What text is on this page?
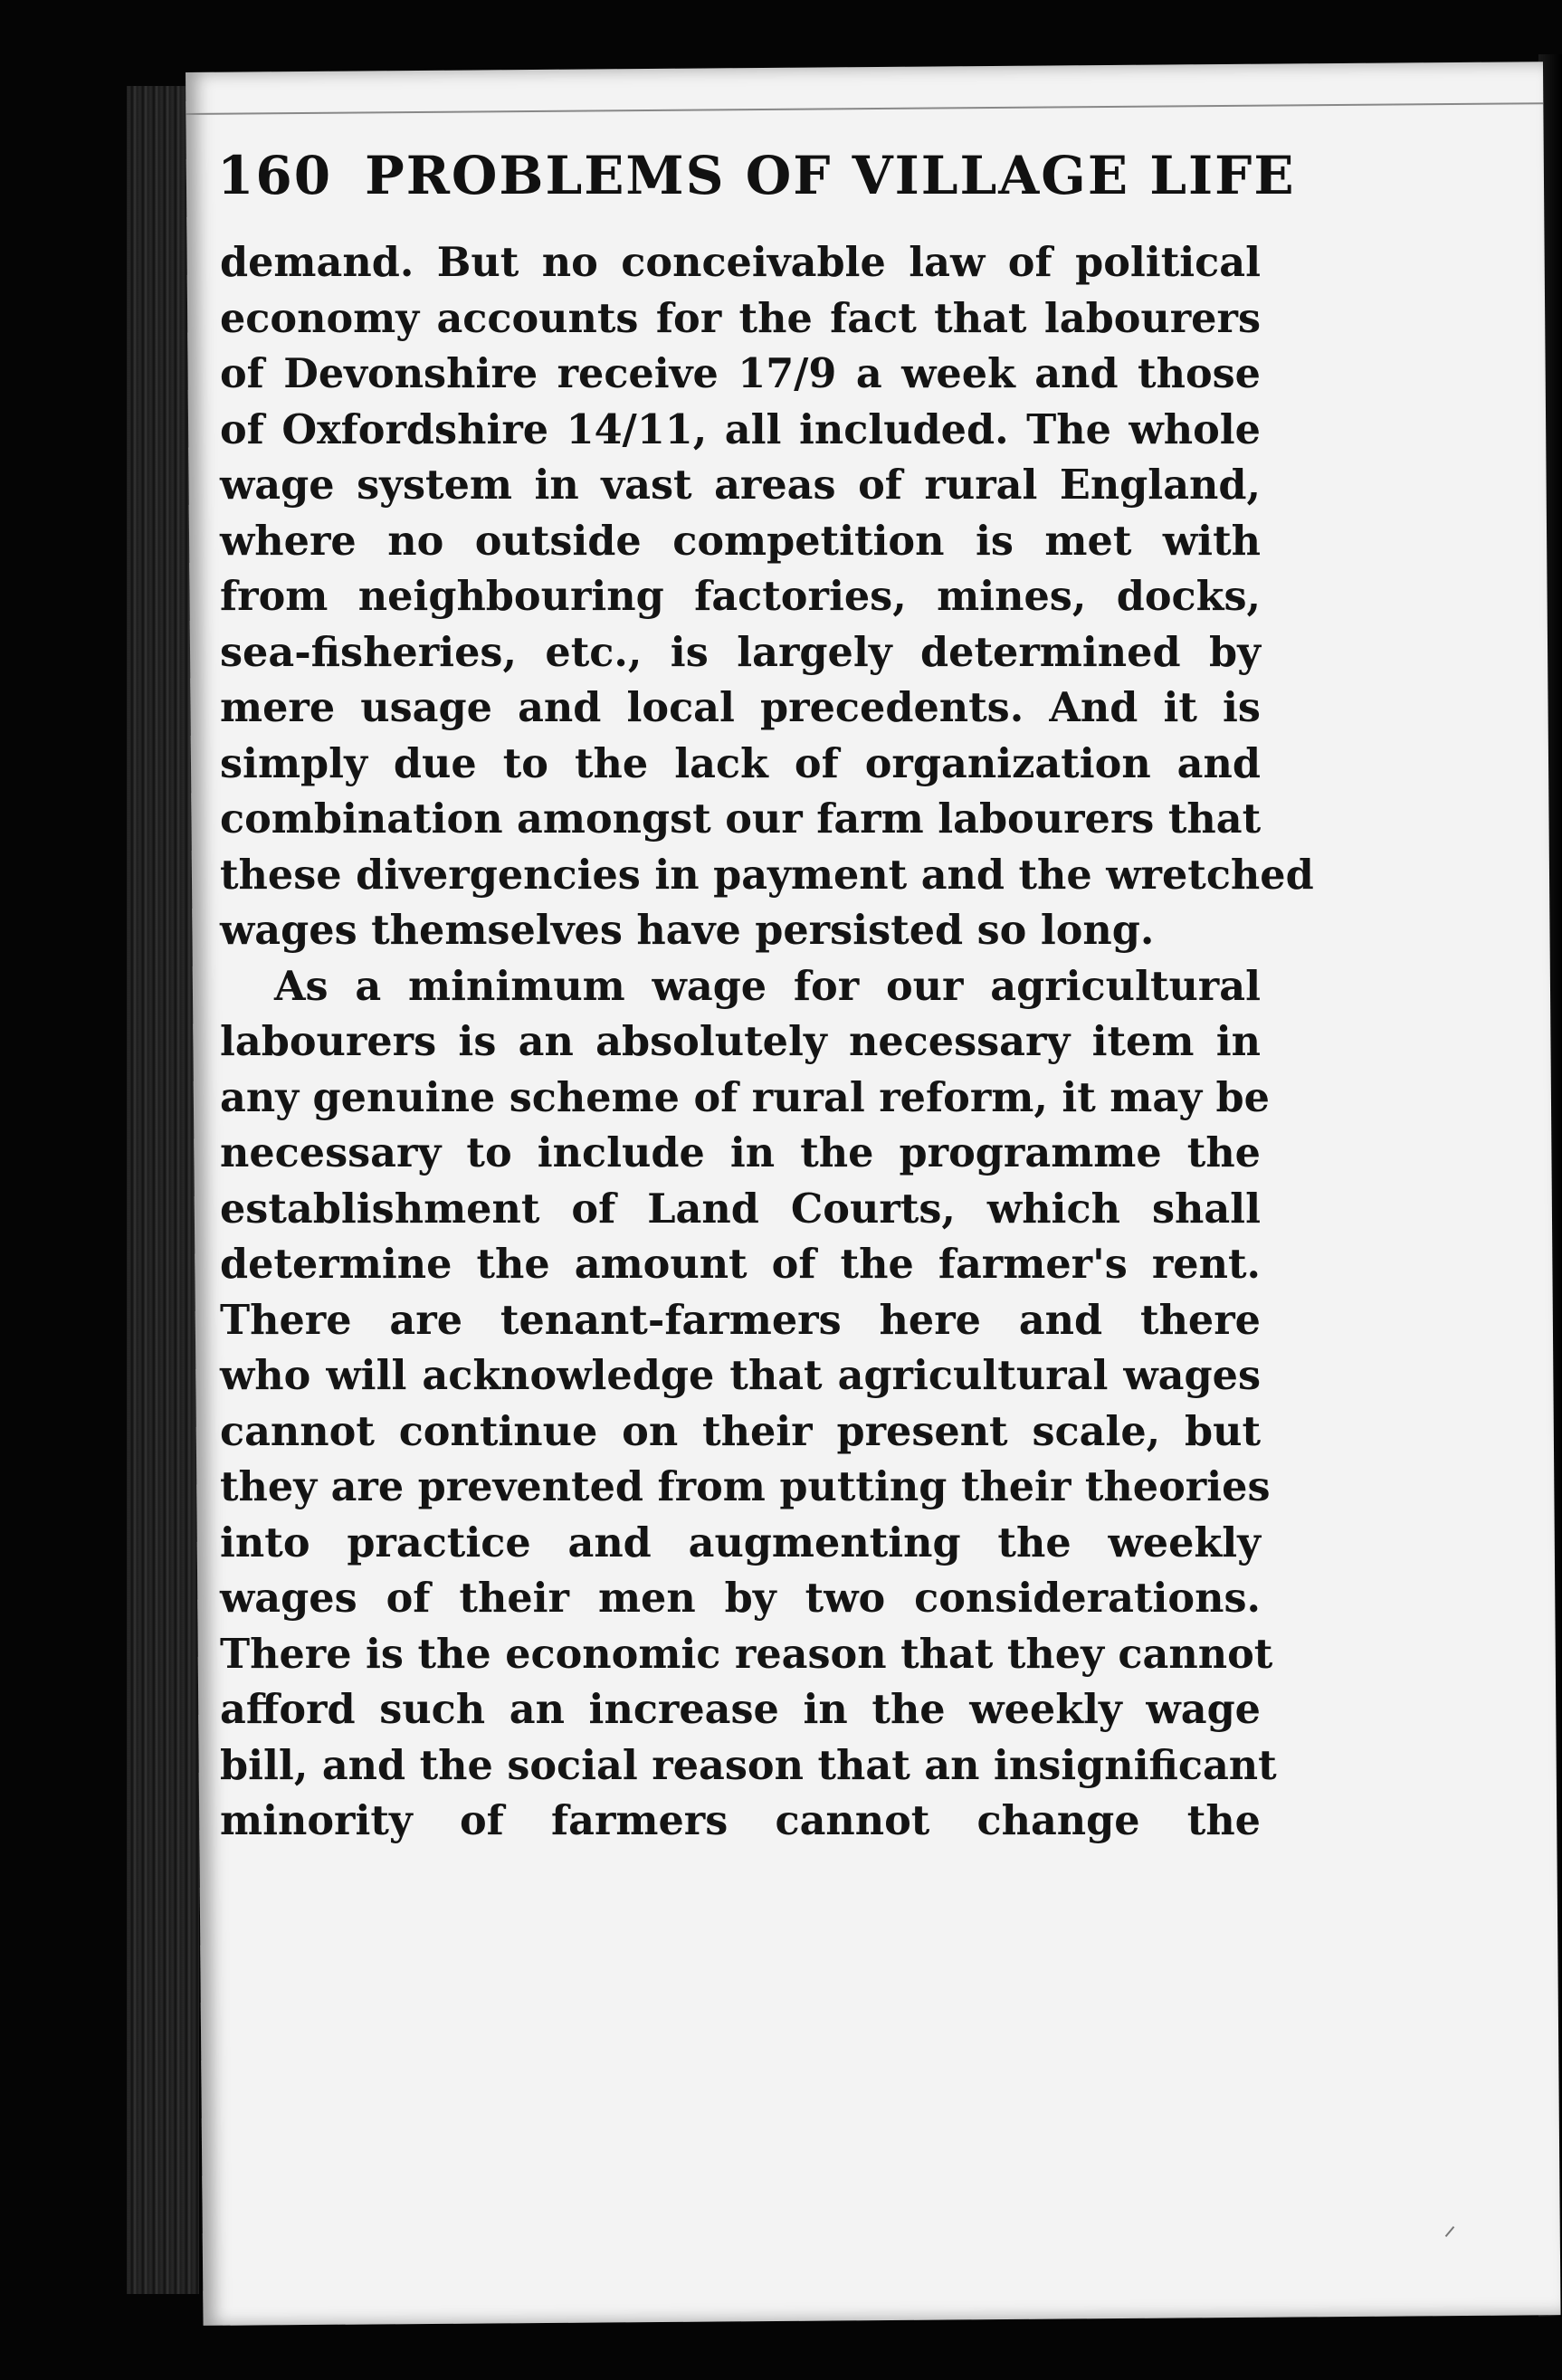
160 PROBLEMS OF VILLAGE LIFE
demand. But no conceivable law of political
economy accounts for the fact that labourers
of Devonshire receive 17/9 a week and those
of Oxfordshire 14/11, all included. The whole
wage system in vast areas of rural England,
where no outside competition is met with
from neighbouring factories, mines, docks,
sea-fisheries, etc., is largely determined by
mere usage and local precedents. And it is
simply due to the lack of organization and
combination amongst our farm labourers that
these divergencies in payment and the wretched
wages themselves have persisted so long.
As a minimum wage for our agricultural
labourers is an absolutely necessary item in
any genuine scheme of rural reform, it may be
necessary to include in the programme the
establishment of Land Courts, which shall
determine the amount of the farmer's rent.
There are tenant-farmers here and there
who will acknowledge that agricultural wages
cannot continue on their present scale, but
they are prevented from putting their theories
into practice and augmenting the weekly
wages of their men by two considerations.
There is the economic reason that they cannot
afford such an increase in the weekly wage
bill, and the social reason that an insignificant
minority of farmers cannot change the
